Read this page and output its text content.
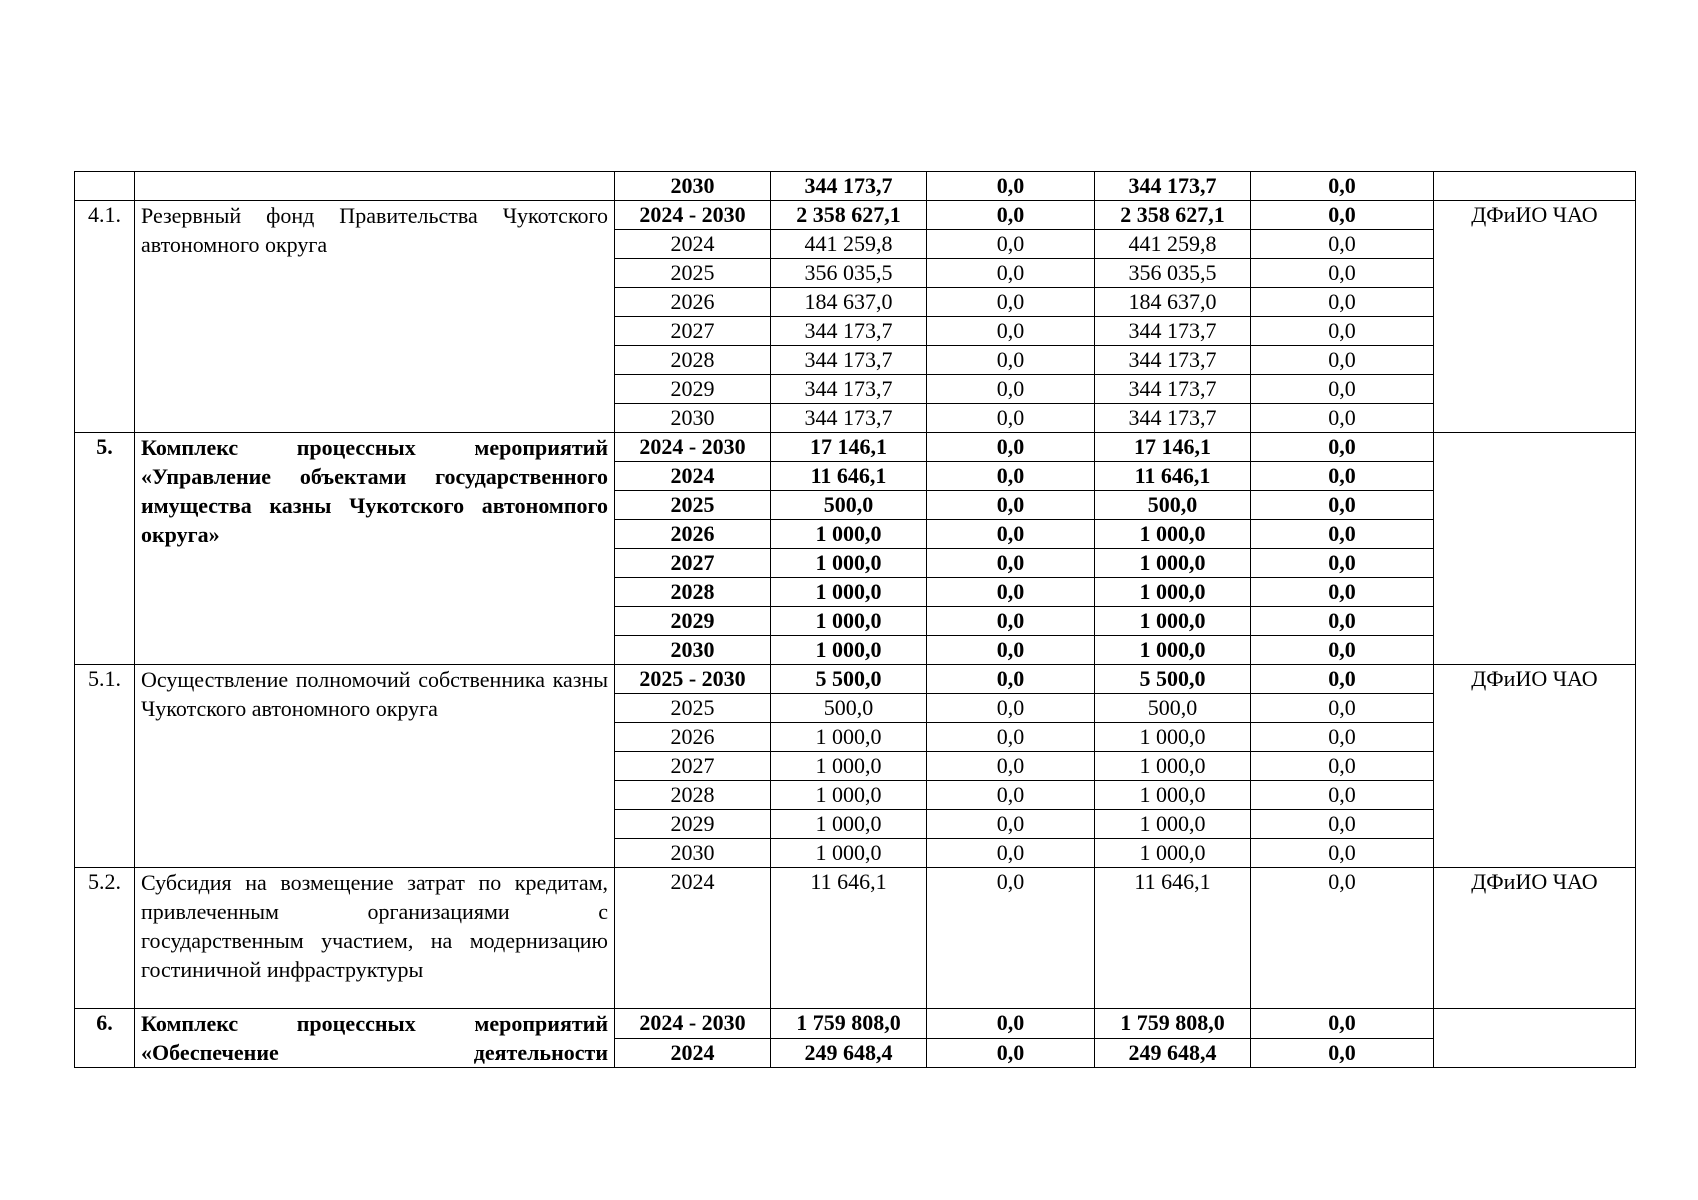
		2030	344 173,7	0,0	344 173,7	0,0	
4.1.	Резервный фонд Правительства Чукотского автономного округа	2024 - 2030	2 358 627,1	0,0	2 358 627,1	0,0	ДФиИО ЧАО
		2024	441 259,8	0,0	441 259,8	0,0	
		2025	356 035,5	0,0	356 035,5	0,0	
		2026	184 637,0	0,0	184 637,0	0,0	
		2027	344 173,7	0,0	344 173,7	0,0	
		2028	344 173,7	0,0	344 173,7	0,0	
		2029	344 173,7	0,0	344 173,7	0,0	
		2030	344 173,7	0,0	344 173,7	0,0	
5.	Комплекс процессных мероприятий «Управление объектами государственного имущества казны Чукотского автономпого округа»	2024 - 2030	17 146,1	0,0	17 146,1	0,0	
		2024	11 646,1	0,0	11 646,1	0,0	
		2025	500,0	0,0	500,0	0,0	
		2026	1 000,0	0,0	1 000,0	0,0	
		2027	1 000,0	0,0	1 000,0	0,0	
		2028	1 000,0	0,0	1 000,0	0,0	
		2029	1 000,0	0,0	1 000,0	0,0	
		2030	1 000,0	0,0	1 000,0	0,0	
5.1.	Осуществление полномочий собственника казны Чукотского автономного округа	2025 - 2030	5 500,0	0,0	5 500,0	0,0	ДФиИО ЧАО
		2025	500,0	0,0	500,0	0,0	
		2026	1 000,0	0,0	1 000,0	0,0	
		2027	1 000,0	0,0	1 000,0	0,0	
		2028	1 000,0	0,0	1 000,0	0,0	
		2029	1 000,0	0,0	1 000,0	0,0	
		2030	1 000,0	0,0	1 000,0	0,0	
5.2.	Субсидия на возмещение затрат по кредитам, привлеченным организациями с государственным участием, на модернизацию гостиничной инфраструктуры	2024	11 646,1	0,0	11 646,1	0,0	ДФиИО ЧАО
6.	Комплекс процессных мероприятий «Обеспечение деятельности	2024 - 2030	1 759 808,0	0,0	1 759 808,0	0,0	
		2024	249 648,4	0,0	249 648,4	0,0	
